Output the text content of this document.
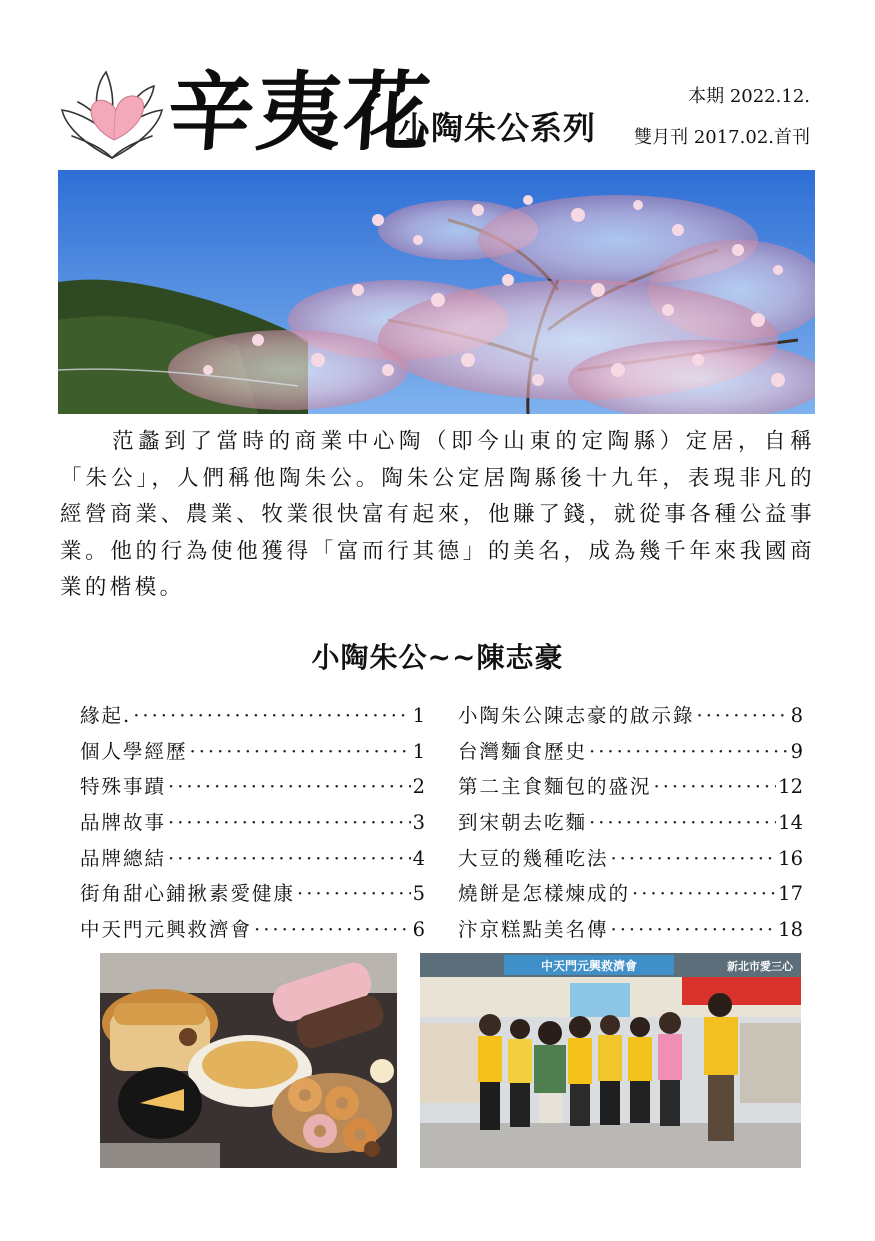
辛夷花
小陶朱公系列
本期 2022.12.
雙月刊 2017.02.首刊

　　范蠡到了當時的商業中心陶（即今山東的定陶縣）定居，自稱「朱公」，人們稱他陶朱公。陶朱公定居陶縣後十九年，表現非凡的經營商業、農業、牧業很快富有起來，他賺了錢，就從事各種公益事業。他的行為使他獲得「富而行其德」的美名，成為幾千年來我國商業的楷模。

小陶朱公~~陳志豪
緣起. ·····	1
個人學經歷 ·····	1
特殊事蹟 ·····	2
品牌故事 ·····	3
品牌總結 ·····	4
街角甜心鋪揪素愛健康 ·····	5
中天門元興救濟會 ·····	6
小陶朱公陳志豪的啟示錄 ·····	8
台灣麵食歷史 ·····	9
第二主食麵包的盛況 ·····	12
到宋朝去吃麵 ·····	14
大豆的幾種吃法 ·····	16
燒餅是怎樣煉成的 ·····	17
汴京糕點美名傳 ·····	18
中天門元興救濟會	新北市愛三心
